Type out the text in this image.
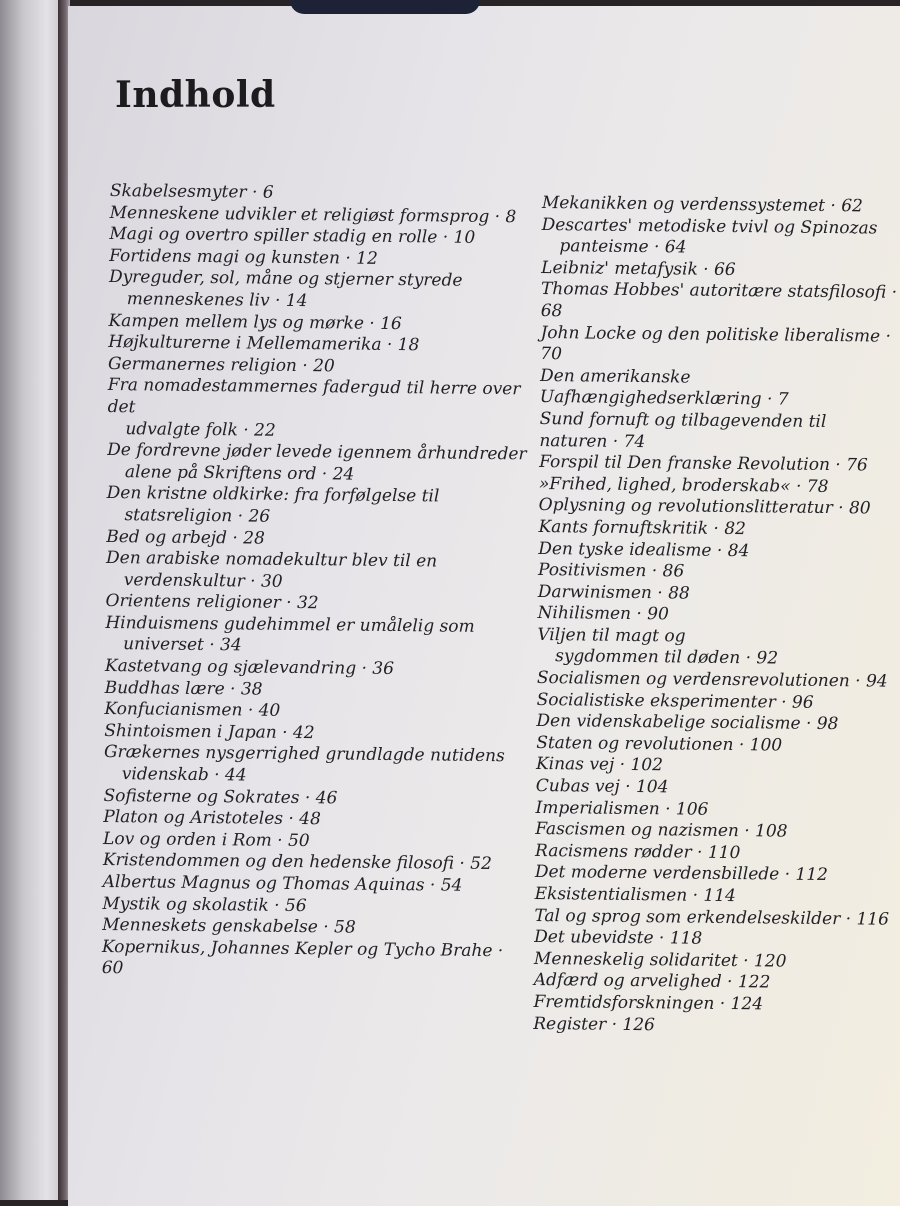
Indhold
Skabelsesmyter · 6
Menneskene udvikler et religiøst formsprog · 8
Magi og overtro spiller stadig en rolle · 10
Fortidens magi og kunsten · 12
Dyreguder, sol, måne og stjerner styrede
menneskenes liv · 14
Kampen mellem lys og mørke · 16
Højkulturerne i Mellemamerika · 18
Germanernes religion · 20
Fra nomadestammernes fadergud til herre over det
udvalgte folk · 22
De fordrevne jøder levede igennem århundreder
alene på Skriftens ord · 24
Den kristne oldkirke: fra forfølgelse til
statsreligion · 26
Bed og arbejd · 28
Den arabiske nomadekultur blev til en
verdenskultur · 30
Orientens religioner · 32
Hinduismens gudehimmel er umålelig som
universet · 34
Kastetvang og sjælevandring · 36
Buddhas lære · 38
Konfucianismen · 40
Shintoismen i Japan · 42
Grækernes nysgerrighed grundlagde nutidens
videnskab · 44
Sofisterne og Sokrates · 46
Platon og Aristoteles · 48
Lov og orden i Rom · 50
Kristendommen og den hedenske filosofi · 52
Albertus Magnus og Thomas Aquinas · 54
Mystik og skolastik · 56
Menneskets genskabelse · 58
Kopernikus, Johannes Kepler og Tycho Brahe · 60
Mekanikken og verdenssystemet · 62
Descartes' metodiske tvivl og Spinozas
panteisme · 64
Leibniz' metafysik · 66
Thomas Hobbes' autoritære statsfilosofi · 68
John Locke og den politiske liberalisme · 70
Den amerikanske Uafhængighedserklæring · 7
Sund fornuft og tilbagevenden til naturen · 74
Forspil til Den franske Revolution · 76
»Frihed, lighed, broderskab« · 78
Oplysning og revolutionslitteratur · 80
Kants fornuftskritik · 82
Den tyske idealisme · 84
Positivismen · 86
Darwinismen · 88
Nihilismen · 90
Viljen til magt og
sygdommen til døden · 92
Socialismen og verdensrevolutionen · 94
Socialistiske eksperimenter · 96
Den videnskabelige socialisme · 98
Staten og revolutionen · 100
Kinas vej · 102
Cubas vej · 104
Imperialismen · 106
Fascismen og nazismen · 108
Racismens rødder · 110
Det moderne verdensbillede · 112
Eksistentialismen · 114
Tal og sprog som erkendelseskilder · 116
Det ubevidste · 118
Menneskelig solidaritet · 120
Adfærd og arvelighed · 122
Fremtidsforskningen · 124
Register · 126
